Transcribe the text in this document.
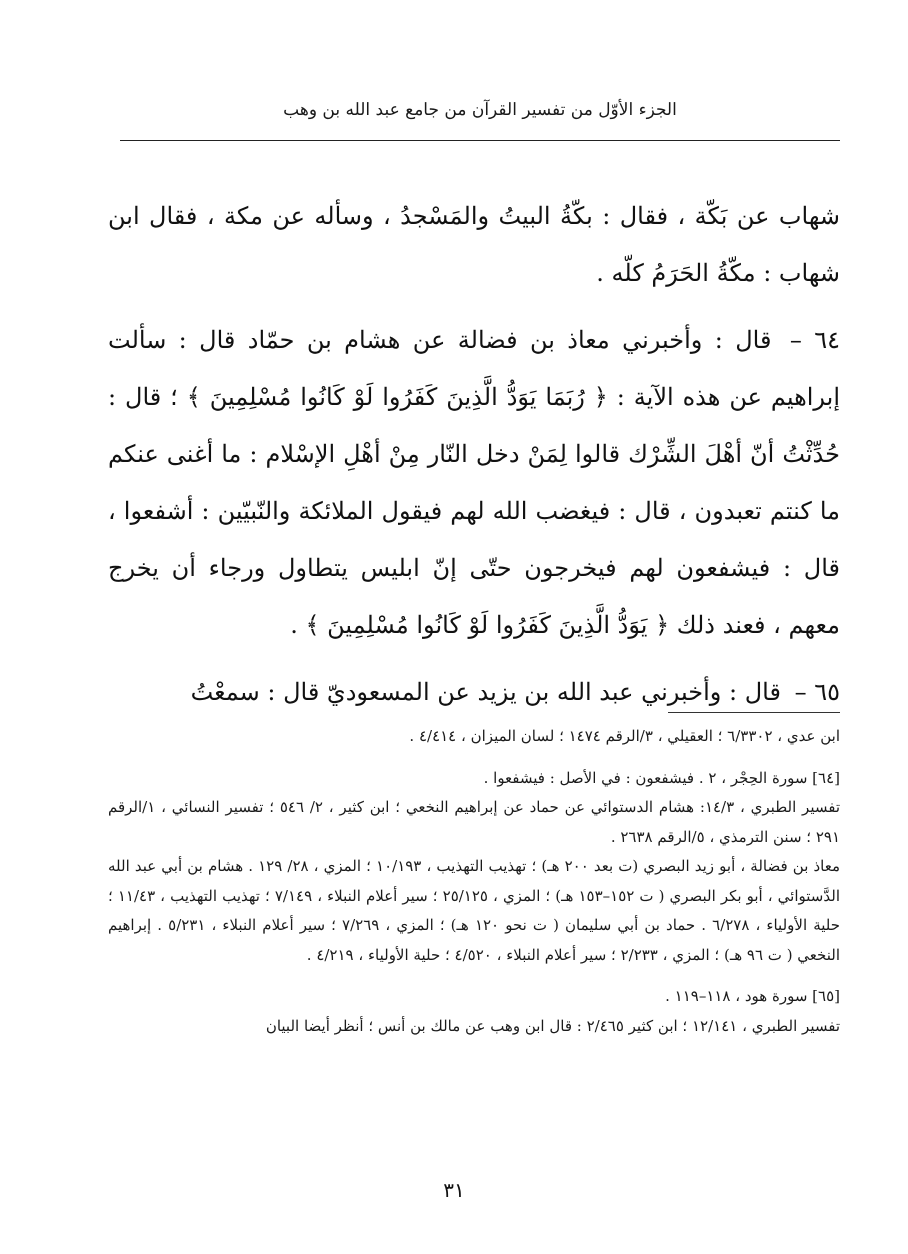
الجزء الأوّل من تفسير القرآن من جامع عبد الله بن وهب

شهاب عن بَكّة ، فقال : بكّةُ البيتُ والمَسْجدُ ، وسأله عن مكة ، فقال ابن شهاب : مكّةُ الحَرَمُ كلّه .

٦٤ – قال : وأخبرني معاذ بن فضالة عن هشام بن حمّاد قال : سألت إبراهيم عن هذه الآية : ﴿ رُبَمَا يَوَدُّ الَّذِينَ كَفَرُوا لَوْ كَانُوا مُسْلِمِينَ ﴾ ؛ قال : حُدِّثْتُ أنّ أهْلَ الشِّرْك قالوا لِمَنْ دخل النّار مِنْ أهْلِ الإسْلام : ما أغنى عنكم ما كنتم تعبدون ، قال : فيغضب الله لهم فيقول الملائكة والنّبيّين : أشفعوا ، قال : فيشفعون لهم فيخرجون حتّى إنّ ابليس يتطاول ورجاء أن يخرج معهم ، فعند ذلك ﴿ يَوَدُّ الَّذِينَ كَفَرُوا لَوْ كَانُوا مُسْلِمِينَ ﴾ .

٦٥ – قال : وأخبرني عبد الله بن يزيد عن المسعوديّ قال : سمعْتُ

ابن عدي ، ٦/٣٣٠٢ ؛ العقيلي ، ٣/الرقم ١٤٧٤ ؛ لسان الميزان ، ٤/٤١٤ .

[٦٤] سورة الحِجْر ، ٢ . فيشفعون : في الأصل : فيشفعوا .

تفسير الطبري ، ١٤/٣: هشام الدستوائي عن حماد عن إبراهيم النخعي ؛ ابن كثير ، ٢/ ٥٤٦ ؛ تفسير النسائي ، ١/الرقم ٢٩١ ؛ سنن الترمذي ، ٥/الرقم ٢٦٣٨ .

معاذ بن فضالة ، أبو زيد البصري (ت بعد ٢٠٠ هـ) ؛ تهذيب التهذيب ، ١٠/١٩٣ ؛ المزي ، ٢٨/ ١٢٩ . هشام بن أبي عبد الله الدَّستوائي ، أبو بكر البصري ( ت ١٥٢–١٥٣ هـ) ؛ المزي ، ٢٥/١٢٥ ؛ سير أعلام النبلاء ، ٧/١٤٩ ؛ تهذيب التهذيب ، ١١/٤٣ ؛ حلية الأولياء ، ٦/٢٧٨ . حماد بن أبي سليمان ( ت نحو ١٢٠ هـ) ؛ المزي ، ٧/٢٦٩ ؛ سير أعلام النبلاء ، ٥/٢٣١ . إبراهيم النخعي ( ت ٩٦ هـ) ؛ المزي ، ٢/٢٣٣ ؛ سير أعلام النبلاء ، ٤/٥٢٠ ؛ حلية الأولياء ، ٤/٢١٩ .

[٦٥] سورة هود ، ١١٨–١١٩ .

تفسير الطبري ، ١٢/١٤١ ؛ ابن كثير ٢/٤٦٥ : قال ابن وهب عن مالك بن أنس ؛ أنظر أيضا البيان

٣١
